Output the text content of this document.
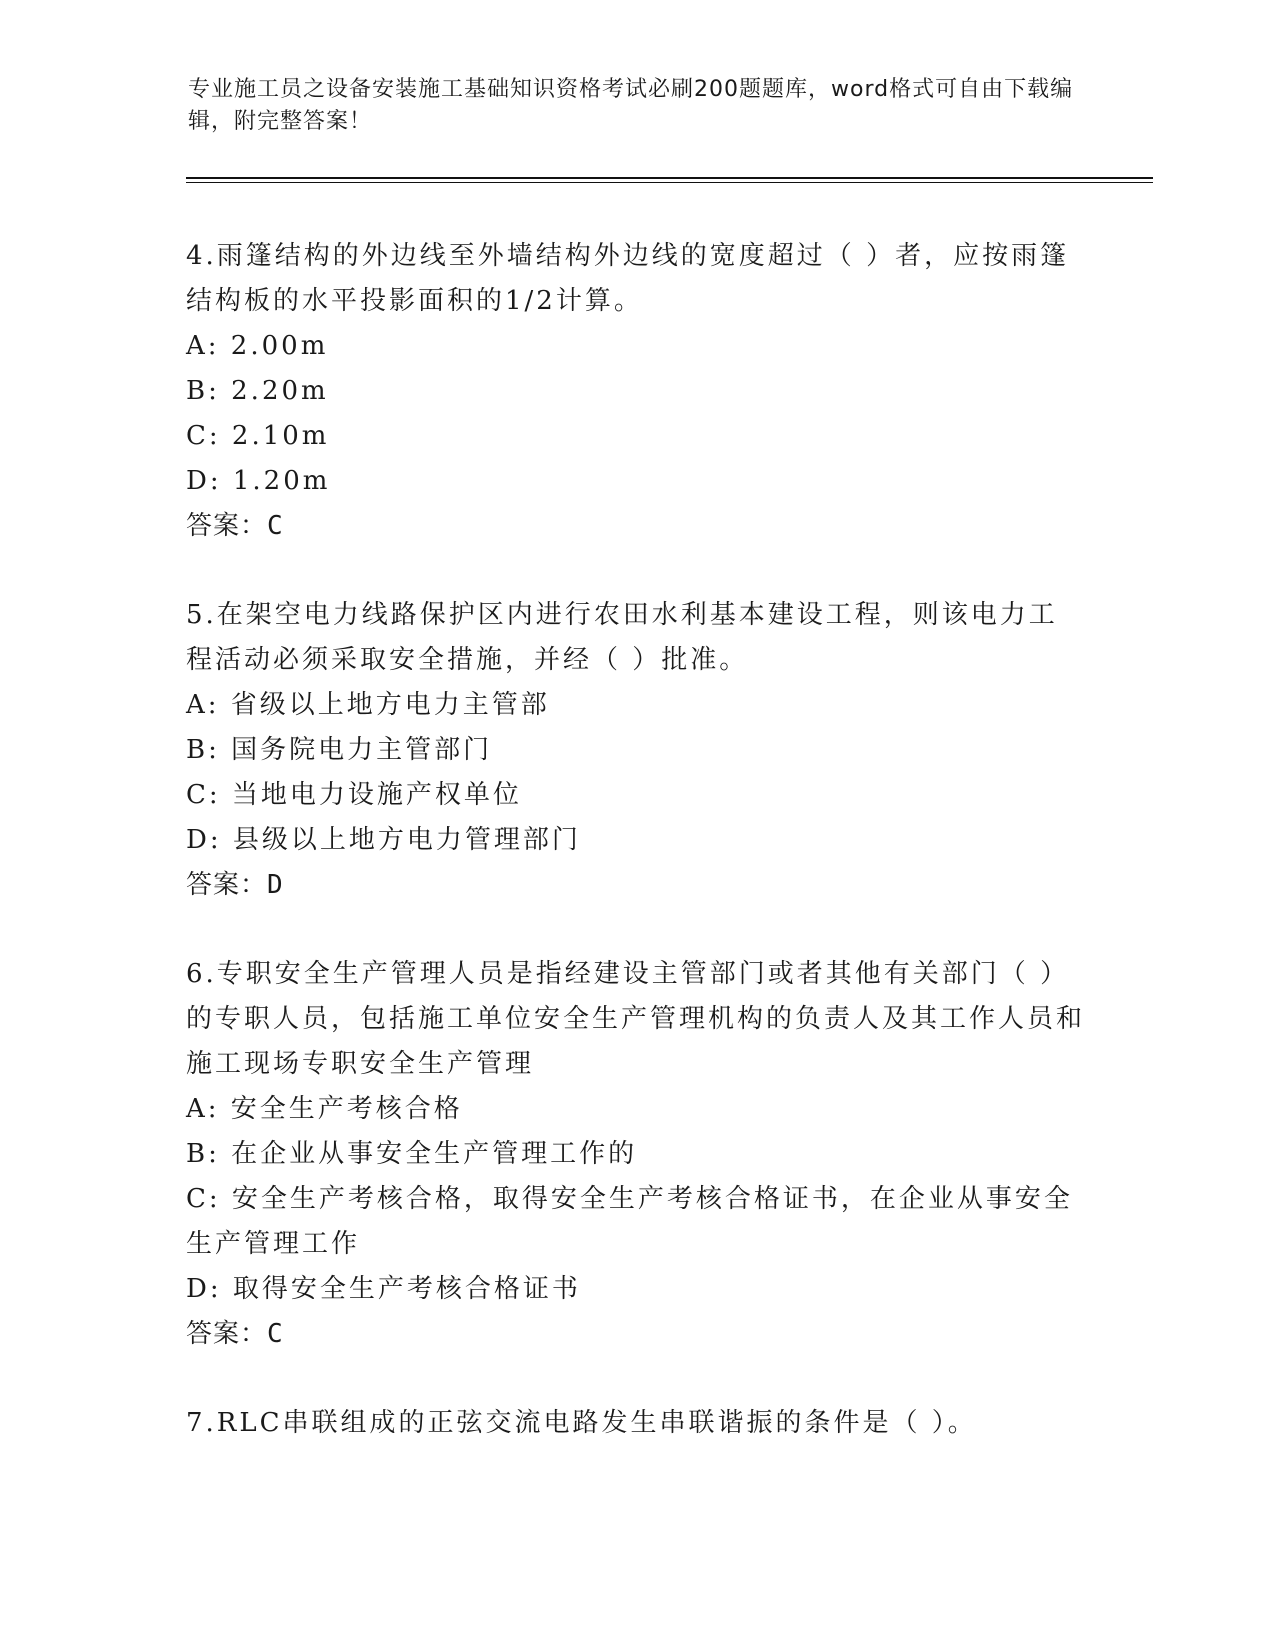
专业施工员之设备安装施工基础知识资格考试必刷200题题库，word格式可自由下载编辑，附完整答案！

4.雨篷结构的外边线至外墙结构外边线的宽度超过（ ）者，应按雨篷结构板的水平投影面积的1/2计算。

A: 2.00m

B: 2.20m

C: 2.10m

D: 1.20m

答案：C

5.在架空电力线路保护区内进行农田水利基本建设工程，则该电力工程活动必须采取安全措施，并经（ ）批准。

A: 省级以上地方电力主管部

B: 国务院电力主管部门

C: 当地电力设施产权单位

D: 县级以上地方电力管理部门

答案：D

6.专职安全生产管理人员是指经建设主管部门或者其他有关部门（ ）的专职人员，包括施工单位安全生产管理机构的负责人及其工作人员和施工现场专职安全生产管理

A: 安全生产考核合格

B: 在企业从事安全生产管理工作的

C: 安全生产考核合格，取得安全生产考核合格证书，在企业从事安全生产管理工作

D: 取得安全生产考核合格证书

答案：C

7.RLC串联组成的正弦交流电路发生串联谐振的条件是（ ）。
